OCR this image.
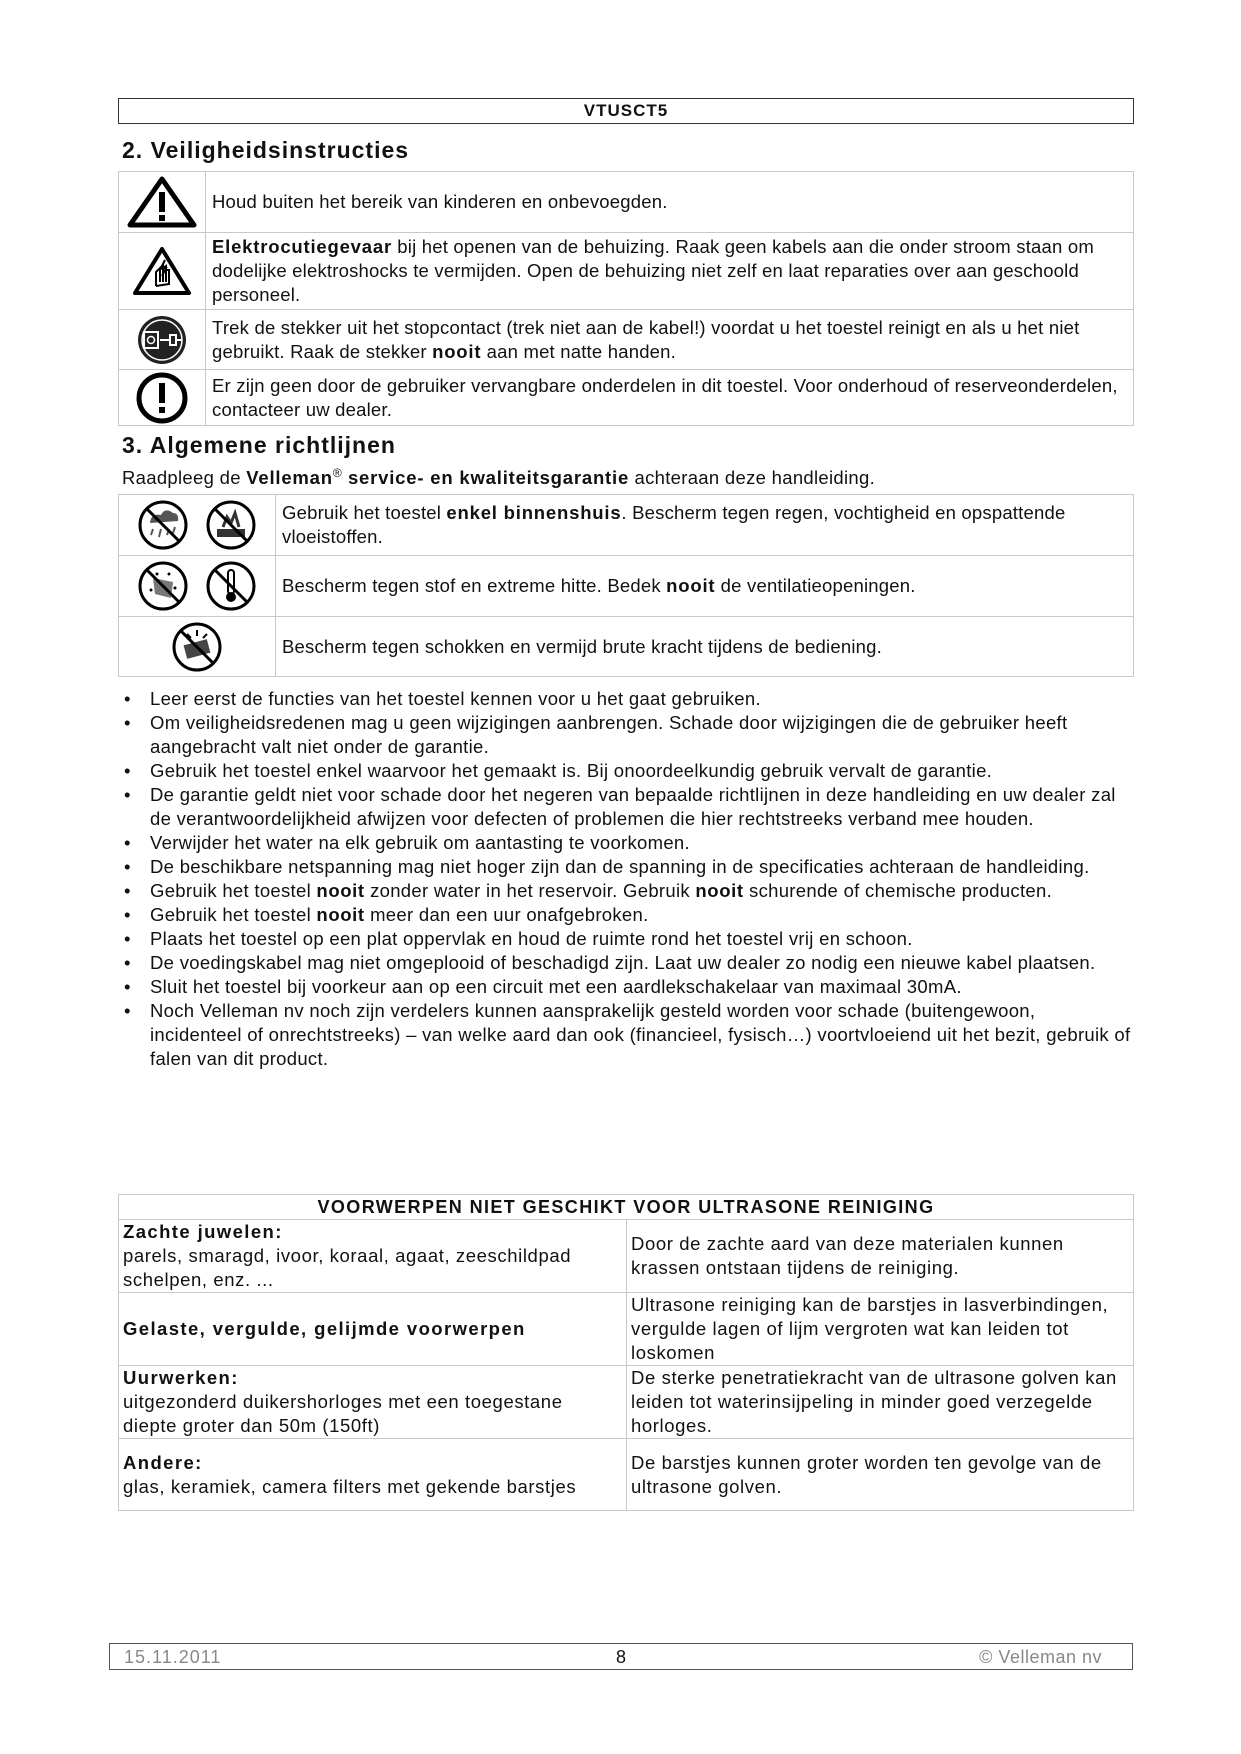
VTUSCT5
2. Veiligheidsinstructies
	Houd buiten het bereik van kinderen en onbevoegden.

	Elektrocutiegevaar bij het openen van de behuizing. Raak geen kabels aan die onder stroom staan om dodelijke elektroshocks te vermijden. Open de behuizing niet zelf en laat reparaties over aan geschoold personeel.

	Trek de stekker uit het stopcontact (trek niet aan de kabel!) voordat u het toestel reinigt en als u het niet gebruikt. Raak de stekker nooit aan met natte handen.

	Er zijn geen door de gebruiker vervangbare onderdelen in dit toestel. Voor onderhoud of reserveonderdelen, contacteer uw dealer.
3. Algemene richtlijnen
Raadpleeg de Velleman® service- en kwaliteitsgarantie achteraan deze handleiding.
	Gebruik het toestel enkel binnenshuis. Bescherm tegen regen, vochtigheid en opspattende vloeistoffen.

	Bescherm tegen stof en extreme hitte. Bedek nooit de ventilatieopeningen.

	Bescherm tegen schokken en vermijd brute kracht tijdens de bediening.
• Leer eerst de functies van het toestel kennen voor u het gaat gebruiken.
• Om veiligheidsredenen mag u geen wijzigingen aanbrengen. Schade door wijzigingen die de gebruiker heeft aangebracht valt niet onder de garantie.
• Gebruik het toestel enkel waarvoor het gemaakt is. Bij onoordeelkundig gebruik vervalt de garantie.
• De garantie geldt niet voor schade door het negeren van bepaalde richtlijnen in deze handleiding en uw dealer zal de verantwoordelijkheid afwijzen voor defecten of problemen die hier rechtstreeks verband mee houden.
• Verwijder het water na elk gebruik om aantasting te voorkomen.
• De beschikbare netspanning mag niet hoger zijn dan de spanning in de specificaties achteraan de handleiding.
• Gebruik het toestel nooit zonder water in het reservoir. Gebruik nooit schurende of chemische producten.
• Gebruik het toestel nooit meer dan een uur onafgebroken.
• Plaats het toestel op een plat oppervlak en houd de ruimte rond het toestel vrij en schoon.
• De voedingskabel mag niet omgeplooid of beschadigd zijn. Laat uw dealer zo nodig een nieuwe kabel plaatsen.
• Sluit het toestel bij voorkeur aan op een circuit met een aardlekschakelaar van maximaal 30mA.
• Noch Velleman nv noch zijn verdelers kunnen aansprakelijk gesteld worden voor schade (buitengewoon, incidenteel of onrechtstreeks) – van welke aard dan ook (financieel, fysisch…) voortvloeiend uit het bezit, gebruik of falen van dit product.
VOORWERPEN NIET GESCHIKT VOOR ULTRASONE REINIGING	

Zachte juwelen:
parels, smaragd, ivoor, koraal, agaat, zeeschildpad schelpen, enz. ...	Door de zachte aard van deze materialen kunnen krassen ontstaan tijdens de reiniging.

Gelaste, vergulde, gelijmde voorwerpen	Ultrasone reiniging kan de barstjes in lasverbindingen, vergulde lagen of lijm vergroten wat kan leiden tot loskomen

Uurwerken:
uitgezonderd duikershorloges met een toegestane diepte groter dan 50m (150ft)	De sterke penetratiekracht van de ultrasone golven kan leiden tot waterinsijpeling in minder goed verzegelde horloges.

Andere:
glas, keramiek, camera filters met gekende barstjes	De barstjes kunnen groter worden ten gevolge van de ultrasone golven.
15.11.2011	8	© Velleman nv
